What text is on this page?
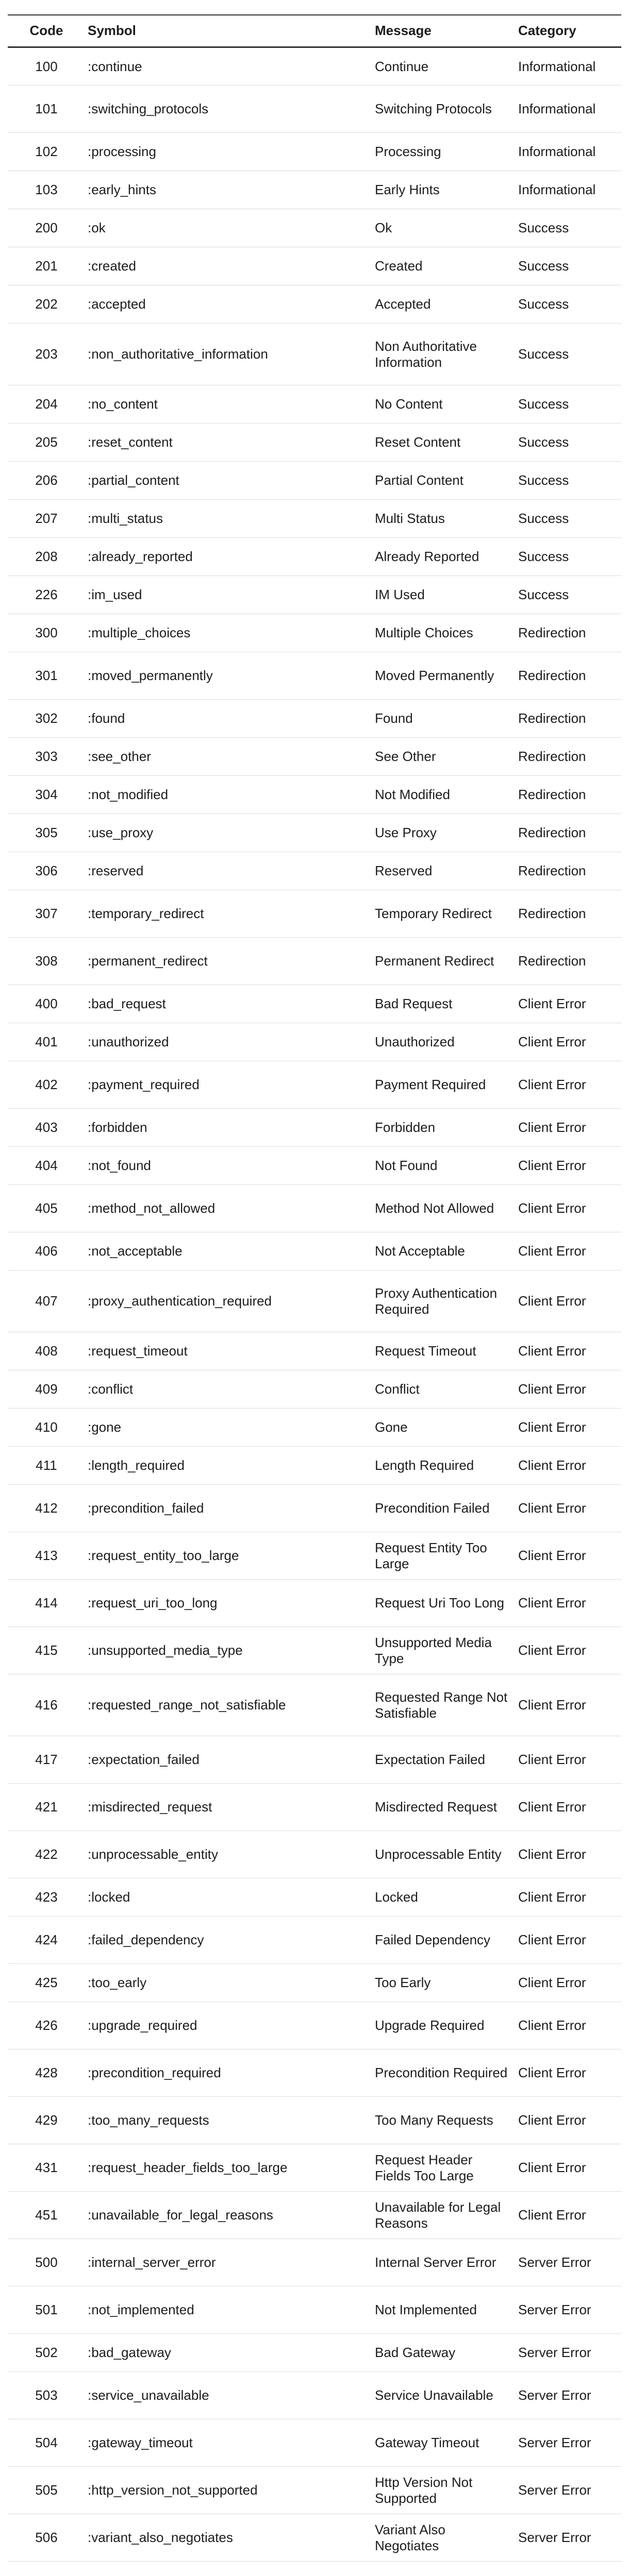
Code	Symbol	Message	Category
100	:continue	Continue	Informational
101	:switching_protocols	Switching Protocols	Informational
102	:processing	Processing	Informational
103	:early_hints	Early Hints	Informational
200	:ok	Ok	Success
201	:created	Created	Success
202	:accepted	Accepted	Success
203	:non_authoritative_information	Non Authoritative Information	Success
204	:no_content	No Content	Success
205	:reset_content	Reset Content	Success
206	:partial_content	Partial Content	Success
207	:multi_status	Multi Status	Success
208	:already_reported	Already Reported	Success
226	:im_used	IM Used	Success
300	:multiple_choices	Multiple Choices	Redirection
301	:moved_permanently	Moved Permanently	Redirection
302	:found	Found	Redirection
303	:see_other	See Other	Redirection
304	:not_modified	Not Modified	Redirection
305	:use_proxy	Use Proxy	Redirection
306	:reserved	Reserved	Redirection
307	:temporary_redirect	Temporary Redirect	Redirection
308	:permanent_redirect	Permanent Redirect	Redirection
400	:bad_request	Bad Request	Client Error
401	:unauthorized	Unauthorized	Client Error
402	:payment_required	Payment Required	Client Error
403	:forbidden	Forbidden	Client Error
404	:not_found	Not Found	Client Error
405	:method_not_allowed	Method Not Allowed	Client Error
406	:not_acceptable	Not Acceptable	Client Error
407	:proxy_authentication_required	Proxy Authentication Required	Client Error
408	:request_timeout	Request Timeout	Client Error
409	:conflict	Conflict	Client Error
410	:gone	Gone	Client Error
411	:length_required	Length Required	Client Error
412	:precondition_failed	Precondition Failed	Client Error
413	:request_entity_too_large	Request Entity Too Large	Client Error
414	:request_uri_too_long	Request Uri Too Long	Client Error
415	:unsupported_media_type	Unsupported Media Type	Client Error
416	:requested_range_not_satisfiable	Requested Range Not Satisfiable	Client Error
417	:expectation_failed	Expectation Failed	Client Error
421	:misdirected_request	Misdirected Request	Client Error
422	:unprocessable_entity	Unprocessable Entity	Client Error
423	:locked	Locked	Client Error
424	:failed_dependency	Failed Dependency	Client Error
425	:too_early	Too Early	Client Error
426	:upgrade_required	Upgrade Required	Client Error
428	:precondition_required	Precondition Required	Client Error
429	:too_many_requests	Too Many Requests	Client Error
431	:request_header_fields_too_large	Request Header Fields Too Large	Client Error
451	:unavailable_for_legal_reasons	Unavailable for Legal Reasons	Client Error
500	:internal_server_error	Internal Server Error	Server Error
501	:not_implemented	Not Implemented	Server Error
502	:bad_gateway	Bad Gateway	Server Error
503	:service_unavailable	Service Unavailable	Server Error
504	:gateway_timeout	Gateway Timeout	Server Error
505	:http_version_not_supported	Http Version Not Supported	Server Error
506	:variant_also_negotiates	Variant Also Negotiates	Server Error
